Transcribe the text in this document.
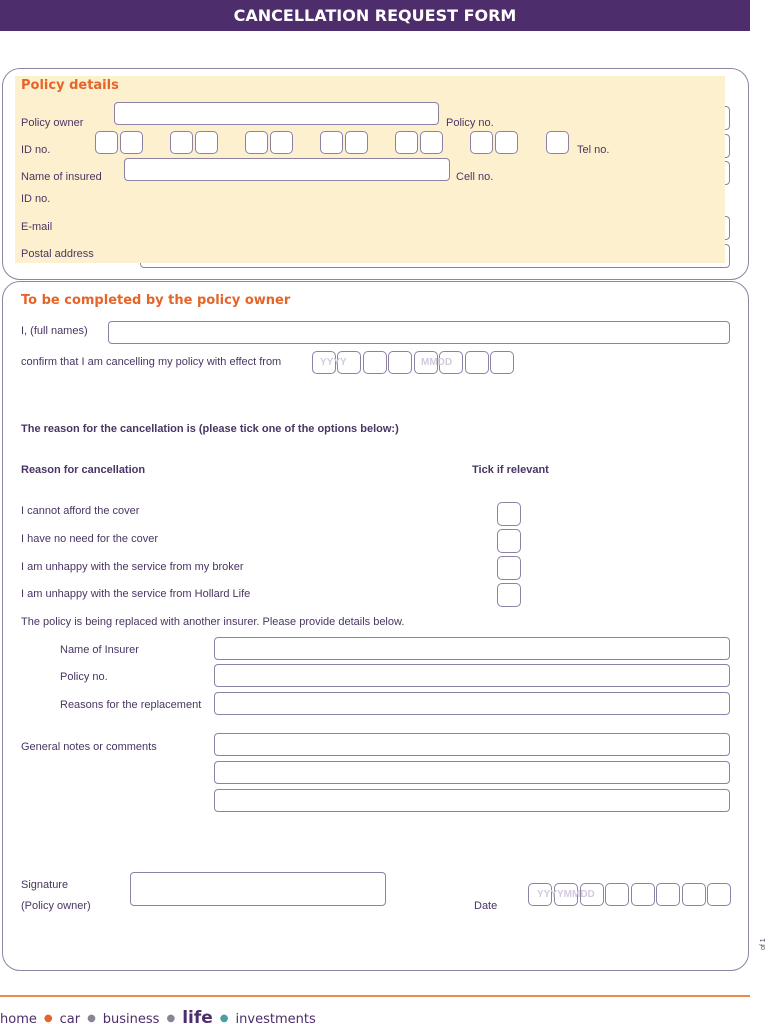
CANCELLATION REQUEST FORM
Policy details
Policy owner	Policy no.
ID no.	Tel no.
Name of insured	Cell no.
ID no.
E-mail
Postal address
To be completed by the policy owner
I, (full names)
confirm that I am cancelling my policy with effect from	YYYY	MMDD
The reason for the cancellation is (please tick one of the options below:)
Reason for cancellation	Tick if relevant
I cannot afford the cover
I have no need for the cover
I am unhappy with the service from my broker
I am unhappy with the service from Hollard Life
The policy is being replaced with another insurer. Please provide details below.
Name of Insurer
Policy no.
Reasons for the replacement
General notes or comments
Signature
(Policy owner)	Date
YYYYMMDD
of 1
home ● car ● business ● life ● investments
